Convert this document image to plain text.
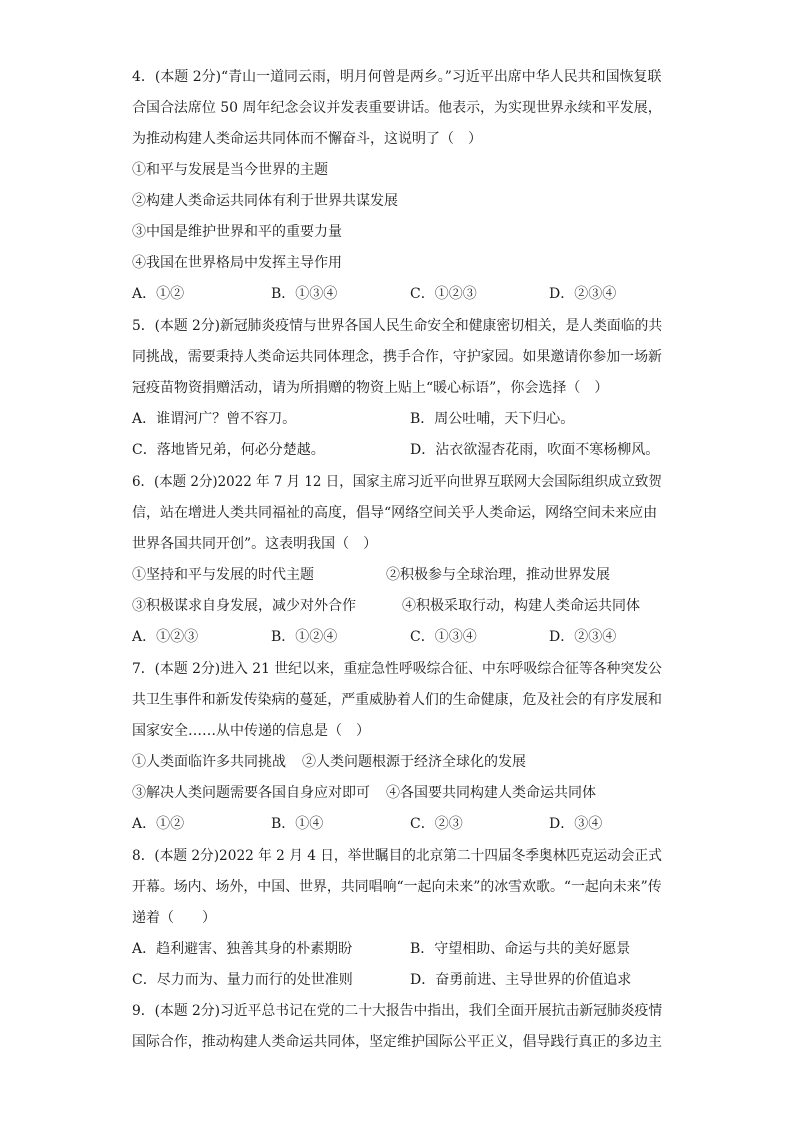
4．(本题 2分)“青山一道同云雨，明月何曾是两乡。”习近平出席中华人民共和国恢复联
合国合法席位 50 周年纪念会议并发表重要讲话。他表示，为实现世界永续和平发展，
为推动构建人类命运共同体而不懈奋斗，这说明了（　）
①和平与发展是当今世界的主题
②构建人类命运共同体有利于世界共谋发展
③中国是维护世界和平的重要力量
④我国在世界格局中发挥主导作用
A．①②	B．①③④	C．①②③	D．②③④
5．(本题 2分)新冠肺炎疫情与世界各国人民生命安全和健康密切相关，是人类面临的共
同挑战，需要秉持人类命运共同体理念，携手合作，守护家园。如果邀请你参加一场新
冠疫苗物资捐赠活动，请为所捐赠的物资上贴上“暖心标语”，你会选择（　）
A．谁谓河广？曾不容刀。	B．周公吐哺，天下归心。
C．落地皆兄弟，何必分楚越。	D．沾衣欲湿杏花雨，吹面不寒杨柳风。
6．(本题 2分)2022 年 7 月 12 日，国家主席习近平向世界互联网大会国际组织成立致贺
信，站在增进人类共同福祉的高度，倡导“网络空间关乎人类命运，网络空间未来应由
世界各国共同开创”。这表明我国（　）
①坚持和平与发展的时代主题	②积极参与全球治理，推动世界发展
③积极谋求自身发展，减少对外合作	④积极采取行动，构建人类命运共同体
A．①②③	B．①②④	C．①③④	D．②③④
7．(本题 2分)进入 21 世纪以来，重症急性呼吸综合征、中东呼吸综合征等各种突发公
共卫生事件和新发传染病的蔓延，严重威胁着人们的生命健康，危及社会的有序发展和
国家安全……从中传递的信息是（　）
①人类面临许多共同挑战 ②人类问题根源于经济全球化的发展
③解决人类问题需要各国自身应对即可 ④各国要共同构建人类命运共同体
A．①②	B．①④	C．②③	D．③④
8．(本题 2分)2022 年 2 月 4 日，举世瞩目的北京第二十四届冬季奥林匹克运动会正式
开幕。场内、场外，中国、世界，共同唱响“一起向未来”的冰雪欢歌。“一起向未来”传
递着（　　）
A．趋利避害、独善其身的朴素期盼	B．守望相助、命运与共的美好愿景
C．尽力而为、量力而行的处世准则	D．奋勇前进、主导世界的价值追求
9．(本题 2分)习近平总书记在党的二十大报告中指出，我们全面开展抗击新冠肺炎疫情
国际合作，推动构建人类命运共同体，坚定维护国际公平正义，倡导践行真正的多边主
